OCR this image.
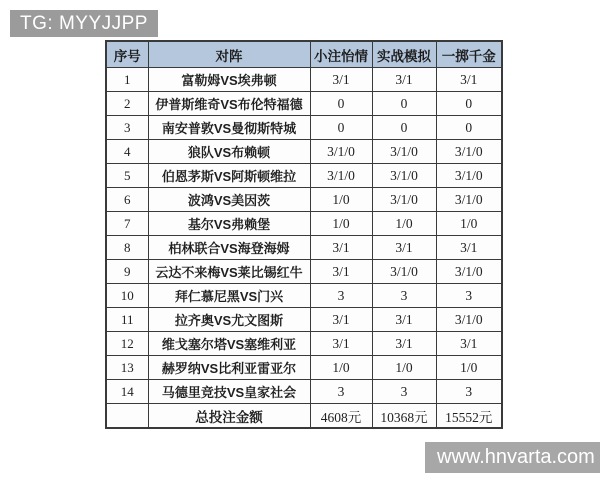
TG: MYYJJPP
序号	对阵	小注怡情	实战模拟	一掷千金
1	富勒姆VS埃弗顿	3/1	3/1	3/1
2	伊普斯维奇VS布伦特福德	0	0	0
3	南安普敦VS曼彻斯特城	0	0	0
4	狼队VS布赖顿	3/1/0	3/1/0	3/1/0
5	伯恩茅斯VS阿斯顿维拉	3/1/0	3/1/0	3/1/0
6	波鸿VS美因茨	1/0	3/1/0	3/1/0
7	基尔VS弗赖堡	1/0	1/0	1/0
8	柏林联合VS海登海姆	3/1	3/1	3/1
9	云达不来梅VS莱比锡红牛	3/1	3/1/0	3/1/0
10	拜仁慕尼黑VS门兴	3	3	3
11	拉齐奥VS尤文图斯	3/1	3/1	3/1/0
12	维戈塞尔塔VS塞维利亚	3/1	3/1	3/1
13	赫罗纳VS比利亚雷亚尔	1/0	1/0	1/0
14	马德里竞技VS皇家社会	3	3	3
	总投注金额	4608元	10368元	15552元
www.hnvarta.com
